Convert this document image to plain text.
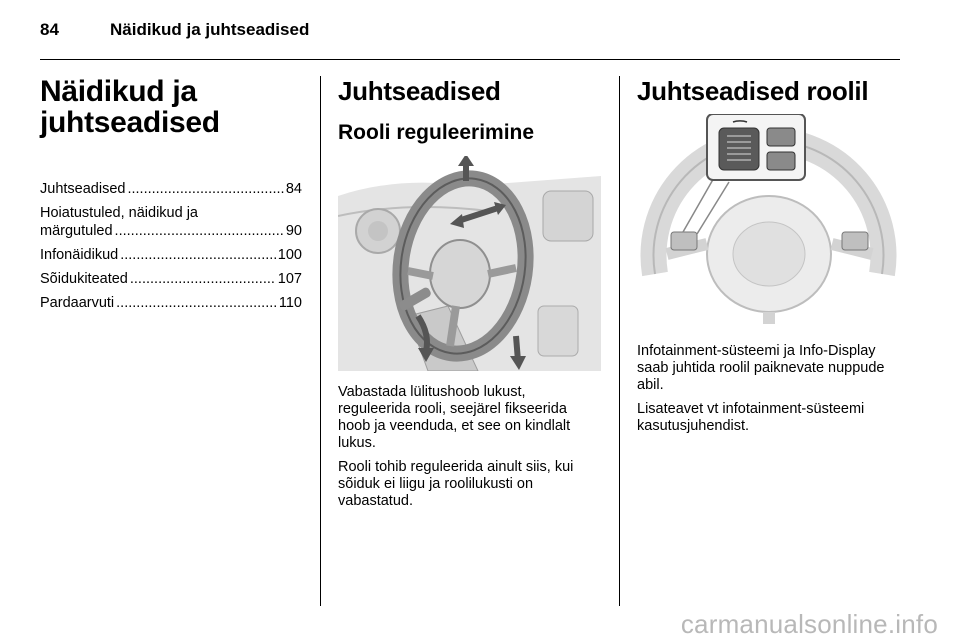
84	Näidikud ja juhtseadised
Näidikud ja
juhtseadised
Juhtseadised .....	84
Hoiatustuled, näidikud ja
märgutuled .....	90
Infonäidikud .....	100
Sõidukiteated .....	107
Pardaarvuti .....	110
Juhtseadised
Rooli reguleerimine

Vabastada lülitushoob lukust, reguleerida rooli, seejärel fikseerida hoob ja veenduda, et see on kindlalt lukus.

Rooli tohib reguleerida ainult siis, kui sõiduk ei liigu ja roolilukusti on vabastatud.

Juhtseadised roolil

Infotainment-süsteemi ja Info-Display saab juhtida roolil paiknevate nuppude abil.

Lisateavet vt infotainment-süsteemi kasutusjuhendist.

carmanualsonline.info
